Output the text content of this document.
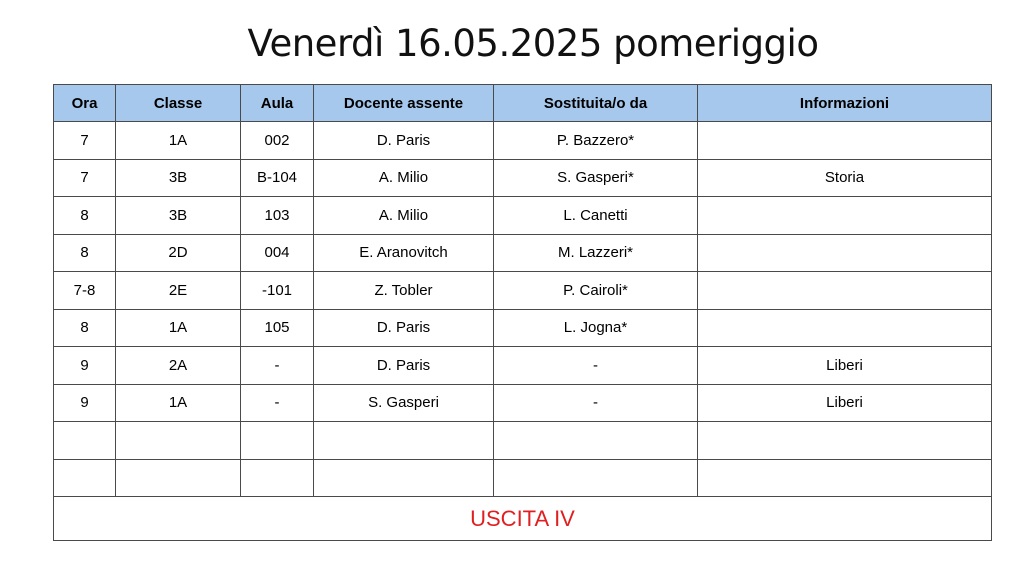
Venerdì 16.05.2025 pomeriggio
Ora	Classe	Aula	Docente assente	Sostituita/o da	Informazioni
7	1A	002	D. Paris	P. Bazzero*	
7	3B	B-104	A. Milio	S. Gasperi*	Storia
8	3B	103	A. Milio	L. Canetti	
8	2D	004	E. Aranovitch	M. Lazzeri*	
7-8	2E	-101	Z. Tobler	P. Cairoli*	
8	1A	105	D. Paris	L. Jogna*	
9	2A	-	D. Paris	-	Liberi
9	1A	-	S. Gasperi	-	Liberi

USCITA IV					
